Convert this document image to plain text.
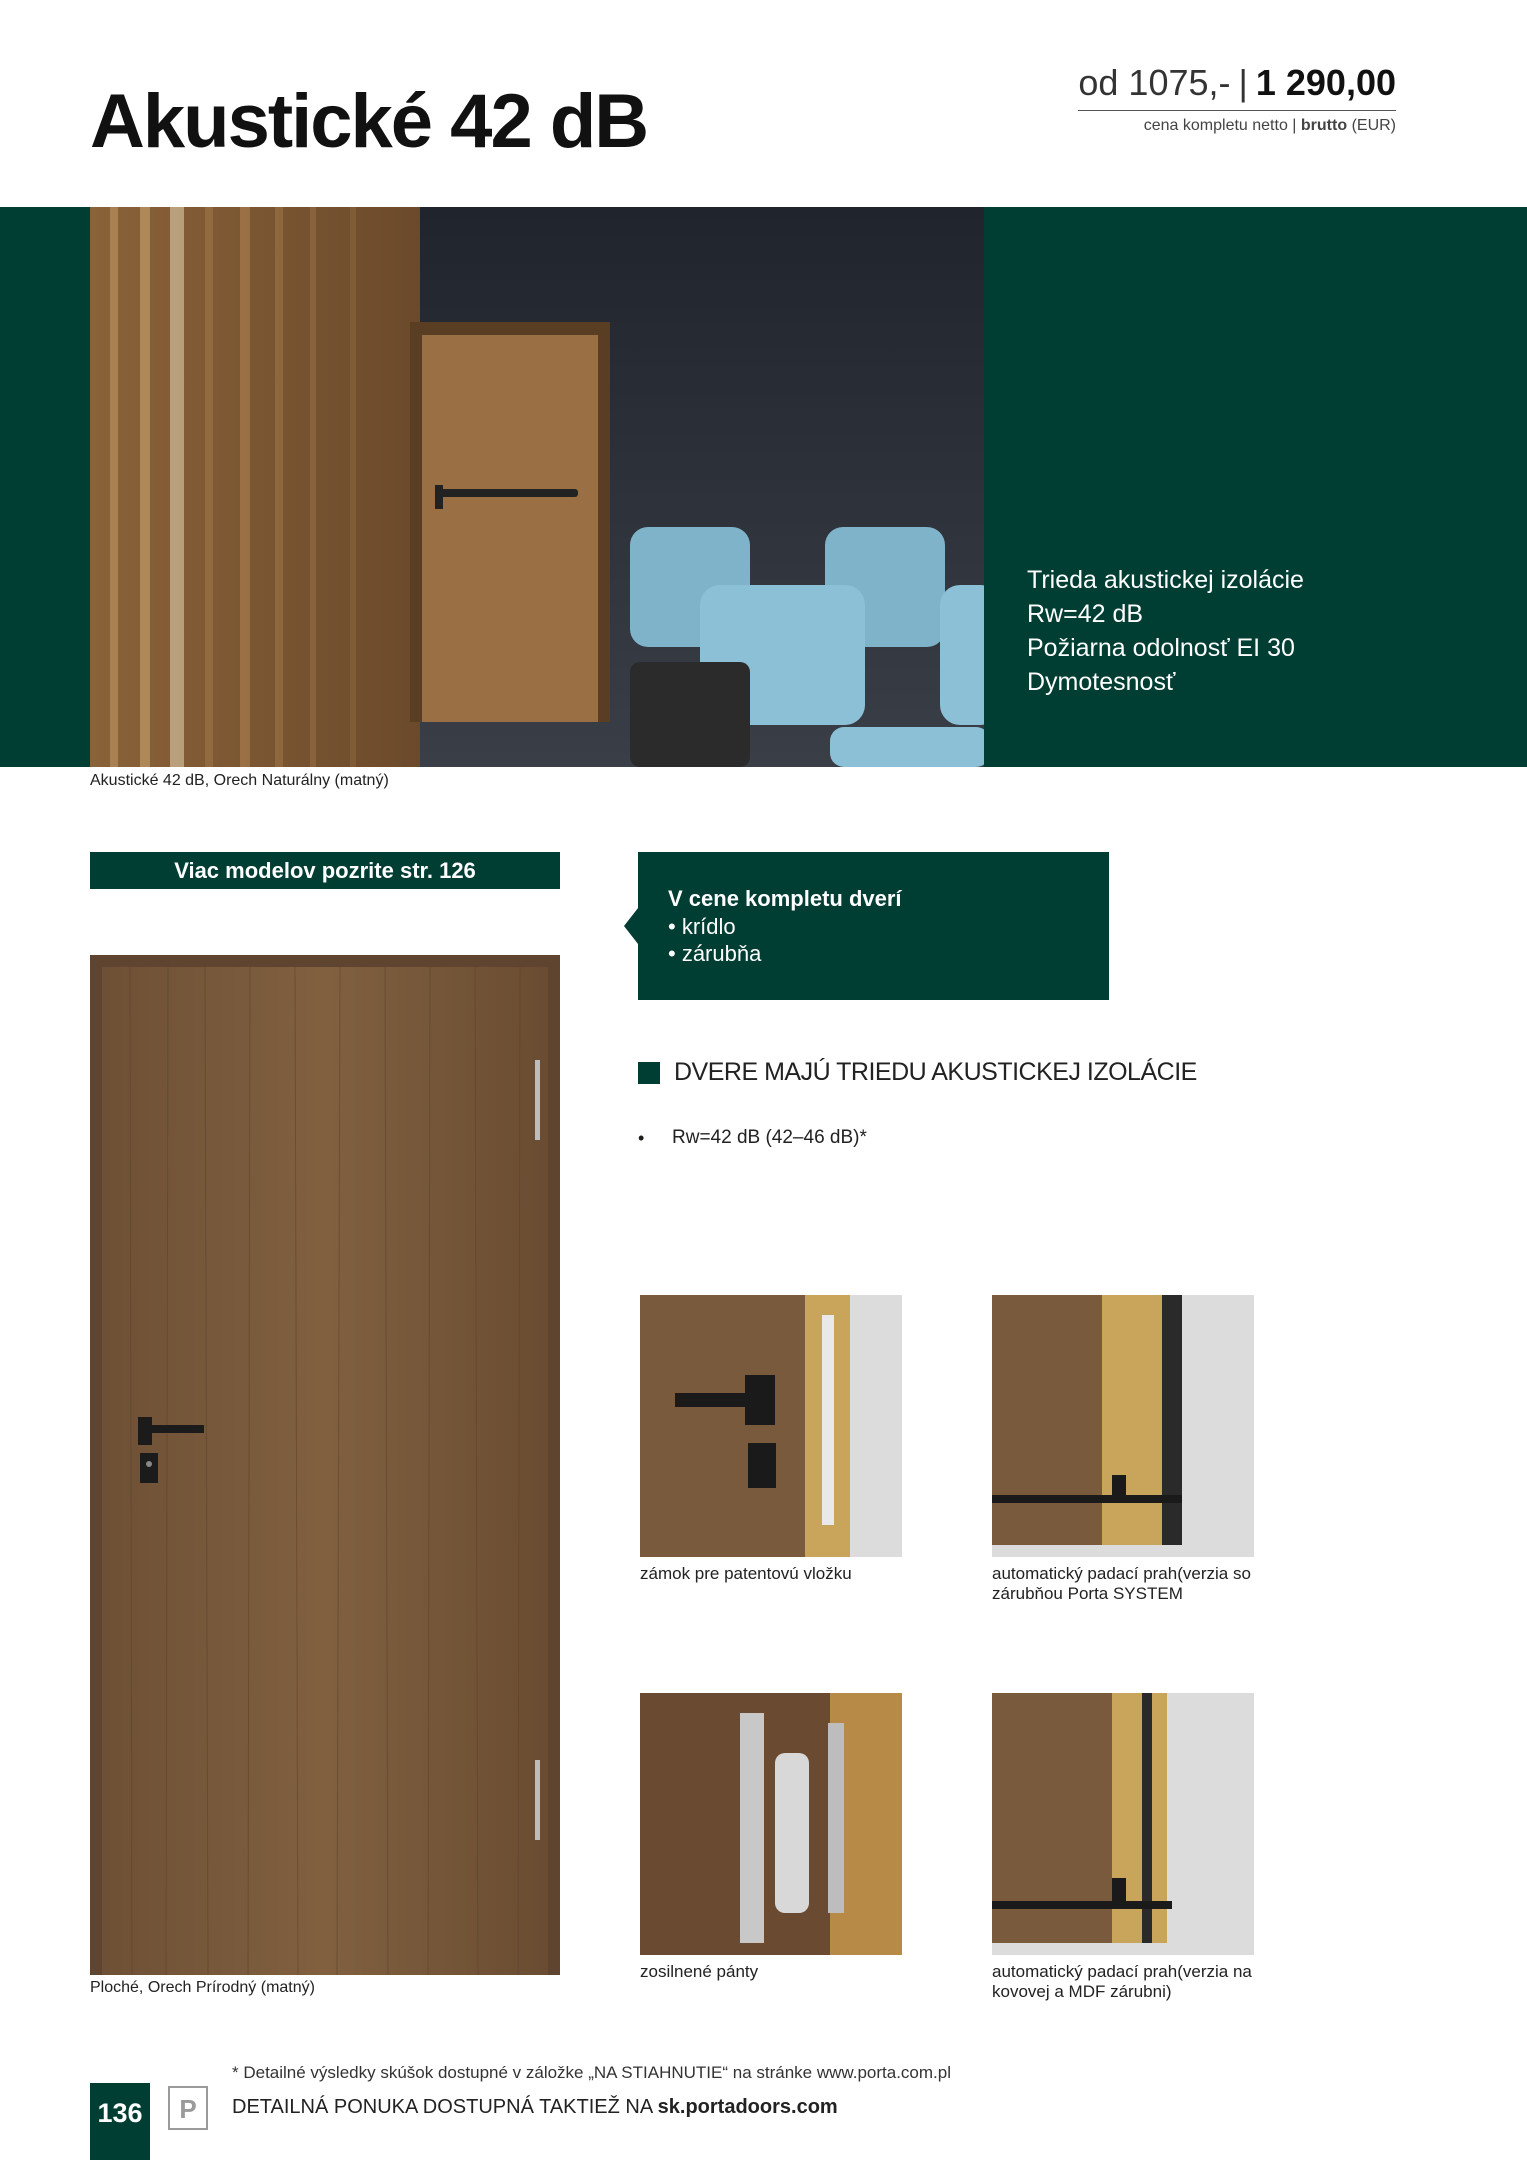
Akustické 42 dB	od 1075,- | 1 290,00
cena kompletu netto | brutto (EUR)
Trieda akustickej izolácie
Rw=42 dB
Požiarna odolnosť EI 30
Dymotesnosť
Akustické 42 dB, Orech Naturálny (matný)
Viac modelov pozrite str. 126
V cene kompletu dverí
• krídlo
• zárubňa
DVERE MAJÚ TRIEDU AKUSTICKEJ IZOLÁCIE
• Rw=42 dB (42–46 dB)*
Ploché, Orech Prírodný (matný)
zámok pre patentovú vložku	automatický padací prah(verzia so zárubňou Porta SYSTEM
zosilnené pánty	automatický padací prah(verzia na kovovej a MDF zárubni)
* Detailné výsledky skúšok dostupné v záložke „NA STIAHNUTIE“ na stránke www.porta.com.pl
DETAILNÁ PONUKA DOSTUPNÁ TAKTIEŽ NA sk.portadoors.com
136 P
